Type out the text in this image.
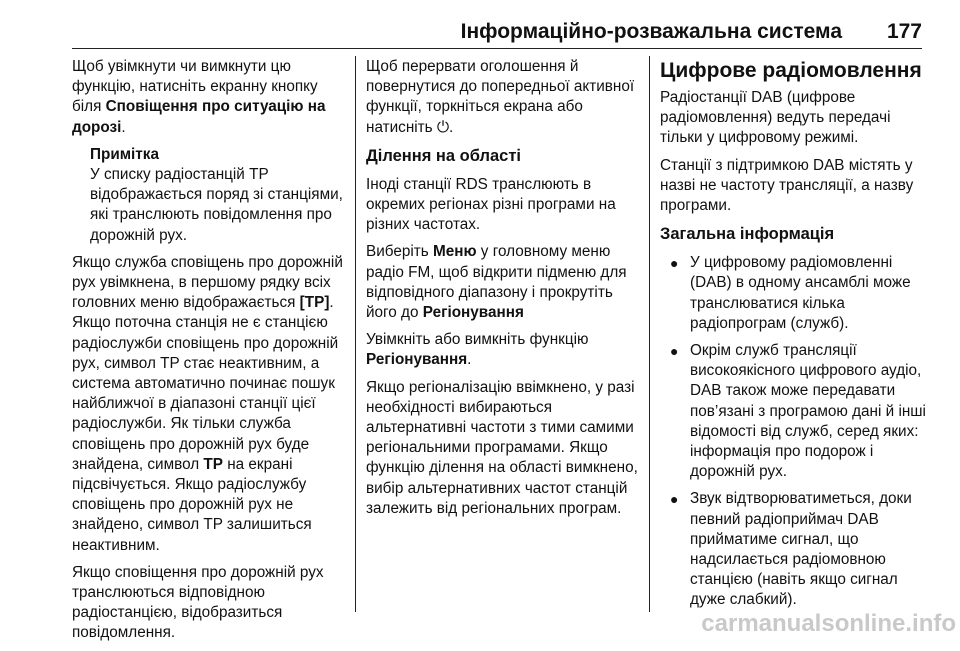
Інформаційно-розважальна система 177

Щоб увімкнути чи вимкнути цю функцію, натисніть екранну кнопку біля Сповіщення про ситуацію на дорозі.

Примітка
У списку радіостанцій TP відображається поряд зі станціями, які транслюють повідомлення про дорожній рух.

Якщо служба сповіщень про дорожній рух увімкнена, в першому рядку всіх головних меню відображається [TP]. Якщо поточна станція не є станцією радіослужби сповіщень про дорожній рух, символ TP стає неактивним, а система автоматично починає пошук найближчої в діапазоні станції цієї радіослужби. Як тільки служба сповіщень про дорожній рух буде знайдена, символ TP на екрані підсвічується. Якщо радіослужбу сповіщень про дорожній рух не знайдено, символ TP залишиться неактивним.

Якщо сповіщення про дорожній рух транслюються відповідною радіостанцією, відобразиться повідомлення.

Щоб перервати оголошення й повернутися до попередньої активної функції, торкніться екрана або натисніть ⏻.

Ділення на області

Іноді станції RDS транслюють в окремих регіонах різні програми на різних частотах.

Виберіть Меню у головному меню радіо FM, щоб відкрити підменю для відповідного діапазону і прокрутіть його до Регіонування

Увімкніть або вимкніть функцію Регіонування.

Якщо регіоналізацію ввімкнено, у разі необхідності вибираються альтернативні частоти з тими самими регіональними програмами. Якщо функцію ділення на області вимкнено, вибір альтернативних частот станцій залежить від регіональних програм.

Цифрове радіомовлення

Радіостанції DAB (цифрове радіомовлення) ведуть передачі тільки у цифровому режимі.

Станції з підтримкою DAB містять у назві не частоту трансляції, а назву програми.

Загальна інформація
● У цифровому радіомовленні (DAB) в одному ансамблі може транслюватися кілька радіопрограм (служб).
● Окрім служб трансляції високоякісного цифрового аудіо, DAB також може передавати пов’язані з програмою дані й інші відомості від служб, серед яких: інформація про подорож і дорожній рух.
● Звук відтворюватиметься, доки певний радіоприймач DAB прийматиме сигнал, що надсилається радіомовною станцією (навіть якщо сигнал дуже слабкий).
carmanualsonline.info
